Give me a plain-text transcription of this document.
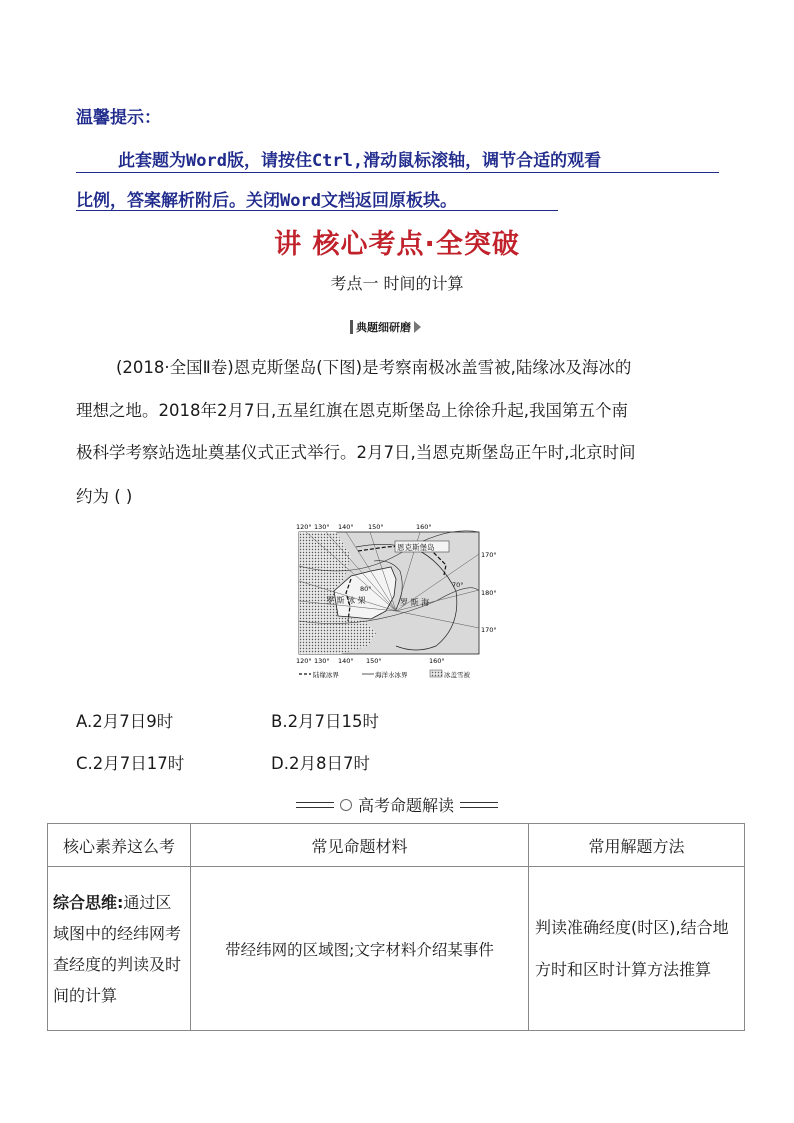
温馨提示：
此套题为Word版，请按住Ctrl,滑动鼠标滚轴，调节合适的观看
比例，答案解析附后。关闭Word文档返回原板块。
讲 核心考点·全突破
考点一 时间的计算
典题细研磨
(2018·全国Ⅱ卷)恩克斯堡岛(下图)是考察南极冰盖雪被,陆缘冰及海冰的
理想之地。2018年2月7日,五星红旗在恩克斯堡岛上徐徐升起,我国第五个南
极科学考察站选址奠基仪式正式举行。2月7日,当恩克斯堡岛正午时,北京时间
约为 ( )
恩克斯堡岛
80°	70°
罗 斯 冰 架	罗 斯 海
120° 130° 140° 150°	160°
120° 130° 140° 150°	160°
170°
180°
170°
陆缘冰界	海洋水冰界	冰盖雪被
A.2月7日9时	B.2月7日15时
C.2月7日17时	D.2月8日7时
高考命题解读
核心素养这么考	常见命题材料	常用解题方法
综合思维:通过区域图中的经纬网考查经度的判读及时间的计算	带经纬网的区域图;文字材料介绍某事件	判读准确经度(时区),结合地方时和区时计算方法推算
